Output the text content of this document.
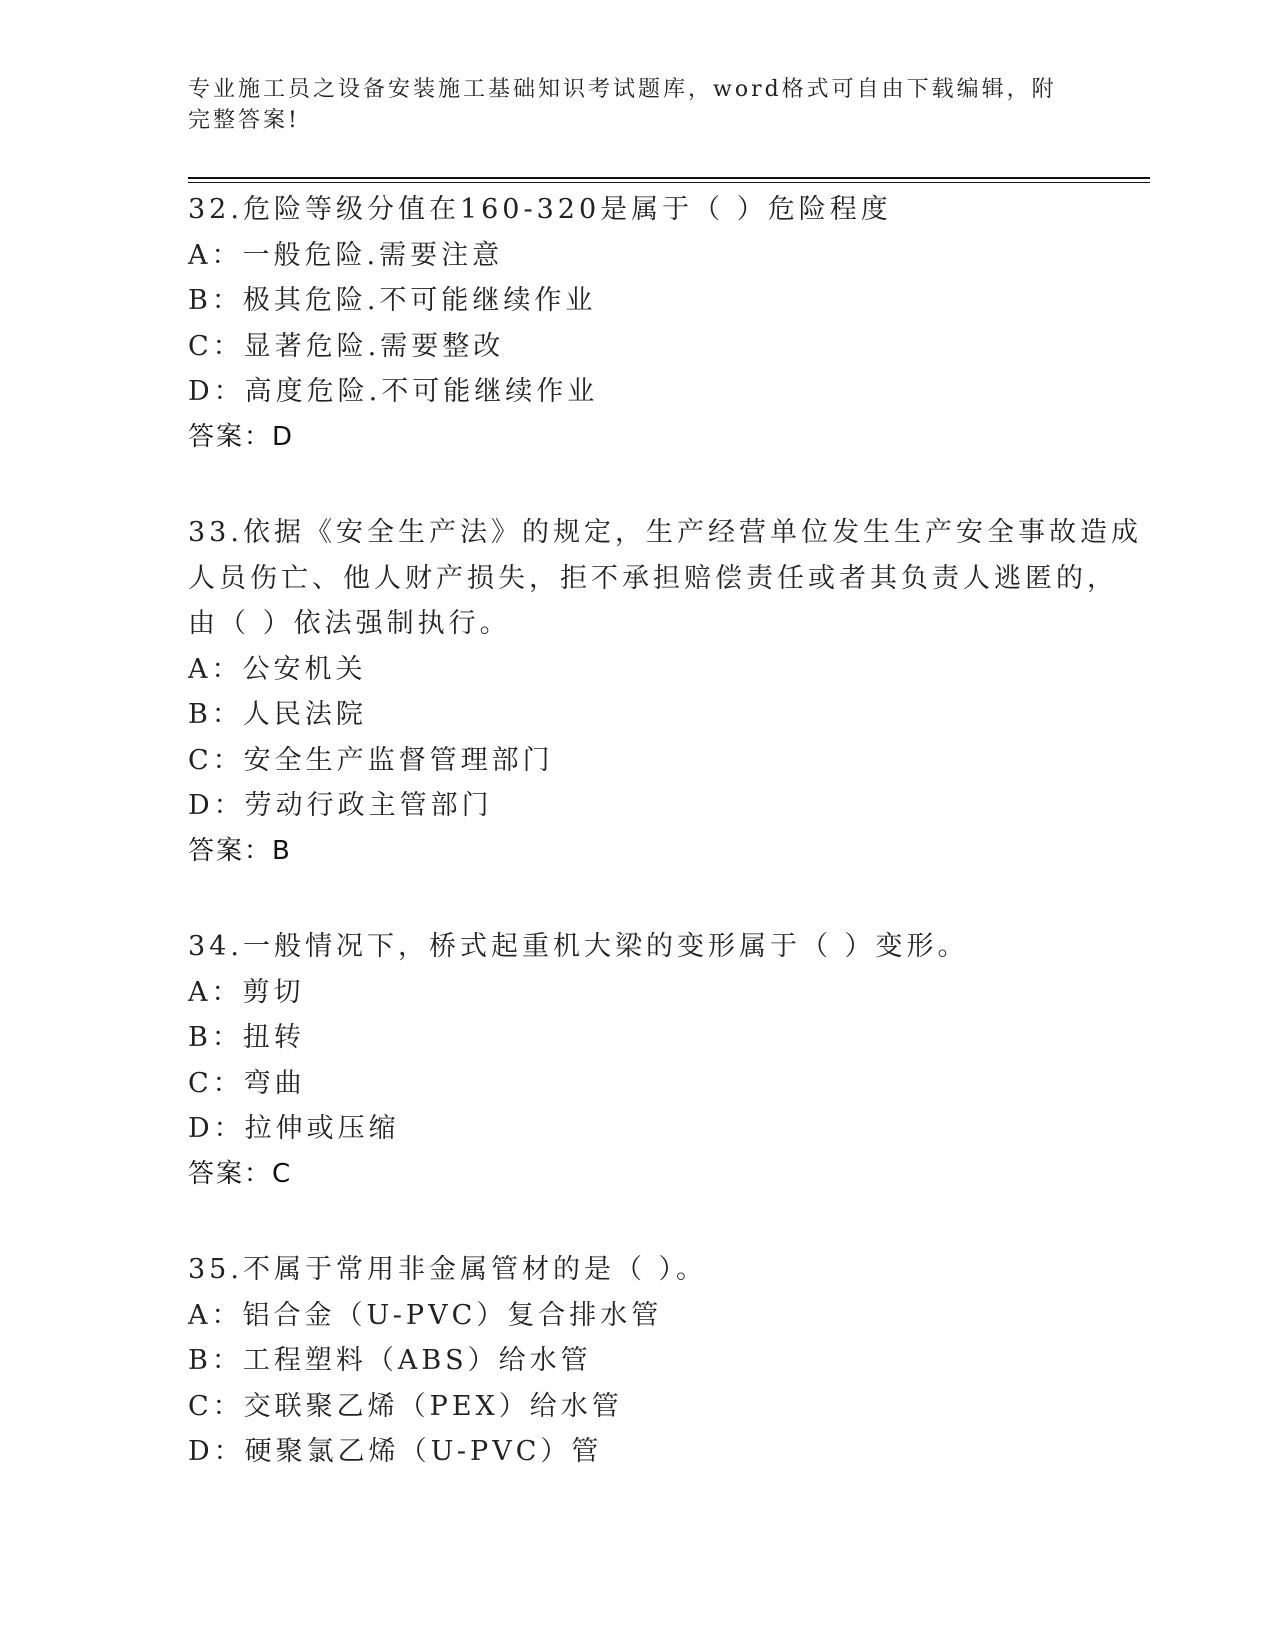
专业施工员之设备安装施工基础知识考试题库，word格式可自由下载编辑，附完整答案!
32.危险等级分值在160-320是属于（ ）危险程度
A：一般危险.需要注意
B：极其危险.不可能继续作业
C：显著危险.需要整改
D：高度危险.不可能继续作业
答案：D
33.依据《安全生产法》的规定，生产经营单位发生生产安全事故造成
人员伤亡、他人财产损失，拒不承担赔偿责任或者其负责人逃匿的，
由（ ）依法强制执行。
A：公安机关
B：人民法院
C：安全生产监督管理部门
D：劳动行政主管部门
答案：B
34.一般情况下，桥式起重机大梁的变形属于（ ）变形。
A：剪切
B：扭转
C：弯曲
D：拉伸或压缩
答案：C
35.不属于常用非金属管材的是（ ）。
A：铝合金（U-PVC）复合排水管
B：工程塑料（ABS）给水管
C：交联聚乙烯（PEX）给水管
D：硬聚氯乙烯（U-PVC）管
